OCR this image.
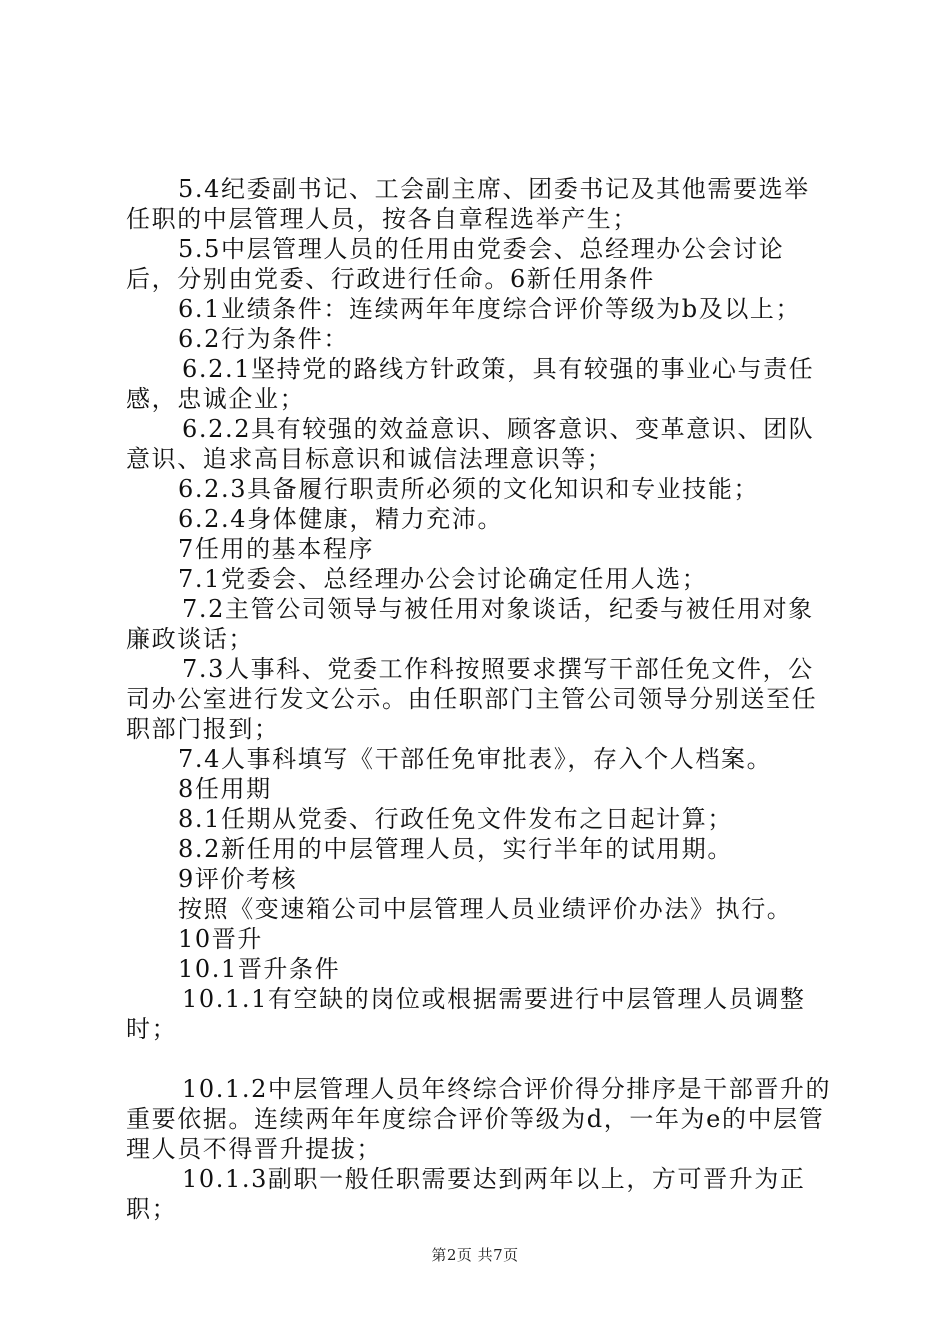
5.4纪委副书记、工会副主席、团委书记及其他需要选举任职的中层管理人员，按各自章程选举产生；

5.5中层管理人员的任用由党委会、总经理办公会讨论后，分别由党委、行政进行任命。6新任用条件

6.1业绩条件：连续两年年度综合评价等级为b及以上；

6.2行为条件：

6.2.1坚持党的路线方针政策，具有较强的事业心与责任感，忠诚企业；

6.2.2具有较强的效益意识、顾客意识、变革意识、团队意识、追求高目标意识和诚信法理意识等；

6.2.3具备履行职责所必须的文化知识和专业技能；

6.2.4身体健康，精力充沛。

7任用的基本程序

7.1党委会、总经理办公会讨论确定任用人选；

7.2主管公司领导与被任用对象谈话，纪委与被任用对象廉政谈话；

7.3人事科、党委工作科按照要求撰写干部任免文件，公司办公室进行发文公示。由任职部门主管公司领导分别送至任职部门报到；

7.4人事科填写《干部任免审批表》，存入个人档案。

8任用期

8.1任期从党委、行政任免文件发布之日起计算；

8.2新任用的中层管理人员，实行半年的试用期。

9评价考核

按照《变速箱公司中层管理人员业绩评价办法》执行。

10晋升

10.1晋升条件

10.1.1有空缺的岗位或根据需要进行中层管理人员调整时；

10.1.2中层管理人员年终综合评价得分排序是干部晋升的重要依据。连续两年年度综合评价等级为d，一年为e的中层管理人员不得晋升提拔；

10.1.3副职一般任职需要达到两年以上，方可晋升为正职；

第2页 共7页
